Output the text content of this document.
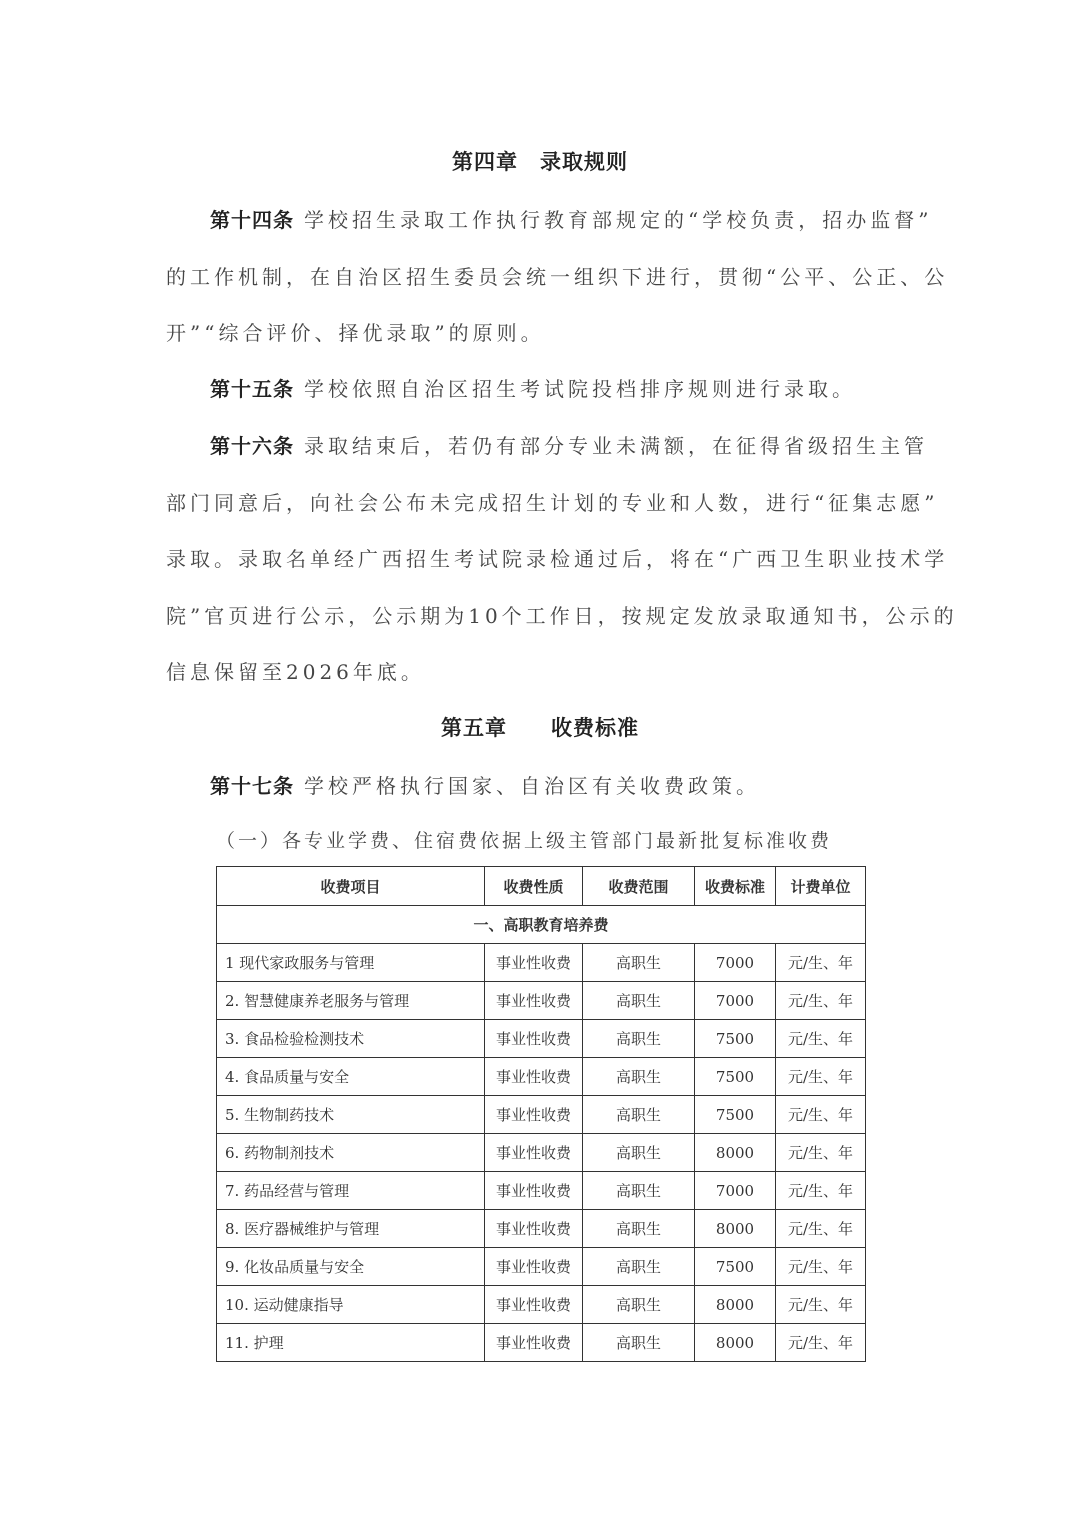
第四章　录取规则
第十四条 学校招生录取工作执行教育部规定的“学校负责，招办监督”
的工作机制，在自治区招生委员会统一组织下进行，贯彻“公平、公正、公
开”“综合评价、择优录取”的原则。
第十五条 学校依照自治区招生考试院投档排序规则进行录取。
第十六条 录取结束后，若仍有部分专业未满额，在征得省级招生主管
部门同意后，向社会公布未完成招生计划的专业和人数，进行“征集志愿”
录取。录取名单经广西招生考试院录检通过后，将在“广西卫生职业技术学
院”官页进行公示，公示期为10个工作日，按规定发放录取通知书，公示的
信息保留至2026年底。
第五章　　收费标准
第十七条 学校严格执行国家、自治区有关收费政策。
（一）各专业学费、住宿费依据上级主管部门最新批复标准收费
收费项目	收费性质	收费范围	收费标准	计费单位
一、高职教育培养费				
1 现代家政服务与管理	事业性收费	高职生	7000	元/生、年
2. 智慧健康养老服务与管理	事业性收费	高职生	7000	元/生、年
3. 食品检验检测技术	事业性收费	高职生	7500	元/生、年
4. 食品质量与安全	事业性收费	高职生	7500	元/生、年
5. 生物制药技术	事业性收费	高职生	7500	元/生、年
6. 药物制剂技术	事业性收费	高职生	8000	元/生、年
7. 药品经营与管理	事业性收费	高职生	7000	元/生、年
8. 医疗器械维护与管理	事业性收费	高职生	8000	元/生、年
9. 化妆品质量与安全	事业性收费	高职生	7500	元/生、年
10. 运动健康指导	事业性收费	高职生	8000	元/生、年
11. 护理	事业性收费	高职生	8000	元/生、年
